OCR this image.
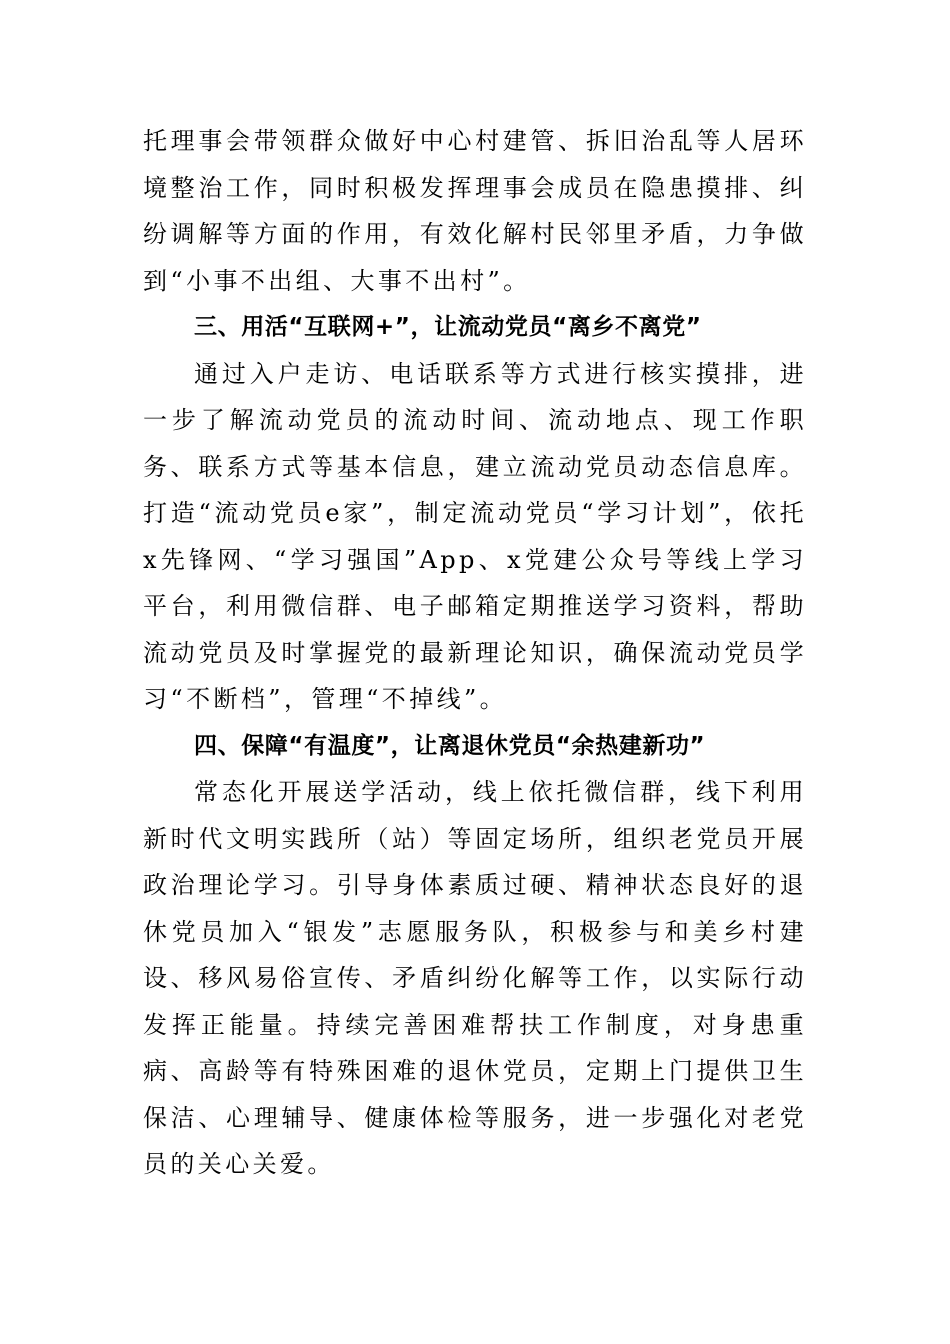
托理事会带领群众做好中心村建管、拆旧治乱等人居环境整治工作，同时积极发挥理事会成员在隐患摸排、纠纷调解等方面的作用，有效化解村民邻里矛盾，力争做到“小事不出组、大事不出村”。

三、用活“互联网+”，让流动党员“离乡不离党”

通过入户走访、电话联系等方式进行核实摸排，进一步了解流动党员的流动时间、流动地点、现工作职务、联系方式等基本信息，建立流动党员动态信息库。打造“流动党员e家”，制定流动党员“学习计划”，依托x先锋网、“学习强国”App、x党建公众号等线上学习平台，利用微信群、电子邮箱定期推送学习资料，帮助流动党员及时掌握党的最新理论知识，确保流动党员学习“不断档”，管理“不掉线”。

四、保障“有温度”，让离退休党员“余热建新功”

常态化开展送学活动，线上依托微信群，线下利用新时代文明实践所（站）等固定场所，组织老党员开展政治理论学习。引导身体素质过硬、精神状态良好的退休党员加入“银发”志愿服务队，积极参与和美乡村建设、移风易俗宣传、矛盾纠纷化解等工作，以实际行动发挥正能量。持续完善困难帮扶工作制度，对身患重病、高龄等有特殊困难的退休党员，定期上门提供卫生保洁、心理辅导、健康体检等服务，进一步强化对老党员的关心关爱。
